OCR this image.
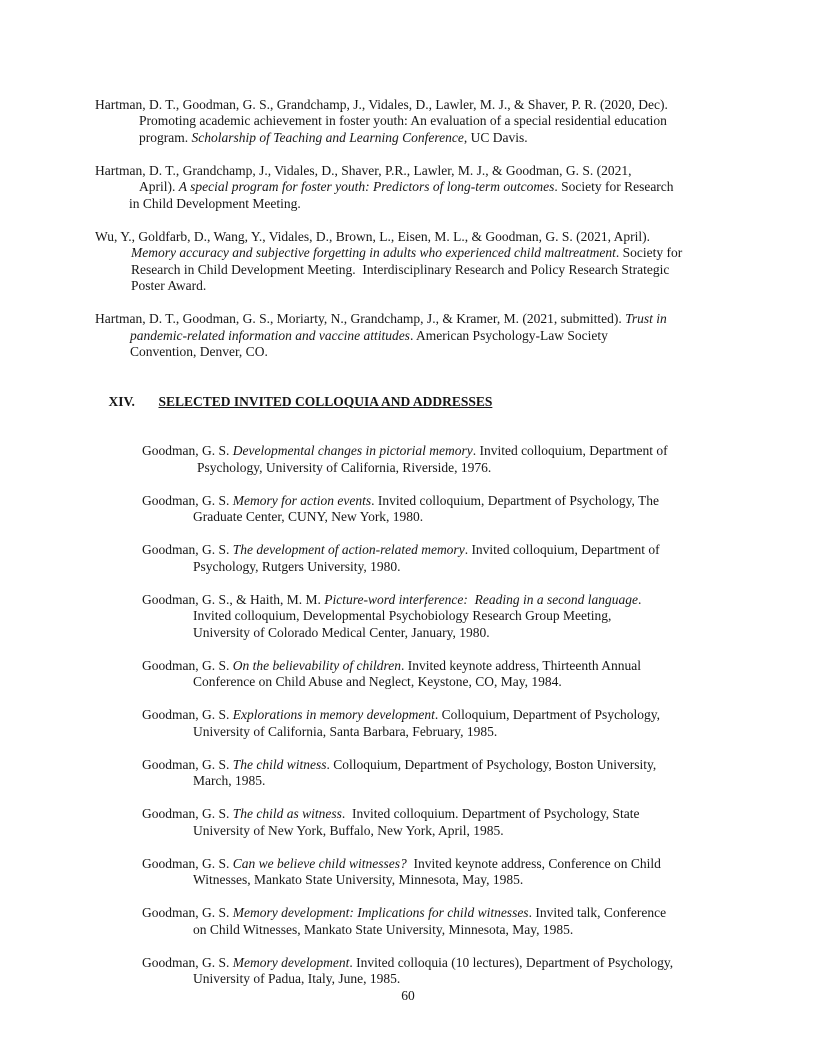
Hartman, D. T., Goodman, G. S., Grandchamp, J., Vidales, D., Lawler, M. J., & Shaver, P. R. (2020, Dec).
Promoting academic achievement in foster youth: An evaluation of a special residential education
program. Scholarship of Teaching and Learning Conference, UC Davis.
Hartman, D. T., Grandchamp, J., Vidales, D., Shaver, P.R., Lawler, M. J., & Goodman, G. S. (2021,
April). A special program for foster youth: Predictors of long-term outcomes. Society for Research
in Child Development Meeting.
Wu, Y., Goldfarb, D., Wang, Y., Vidales, D., Brown, L., Eisen, M. L., & Goodman, G. S. (2021, April).
Memory accuracy and subjective forgetting in adults who experienced child maltreatment. Society for
Research in Child Development Meeting.  Interdisciplinary Research and Policy Research Strategic
Poster Award.
Hartman, D. T., Goodman, G. S., Moriarty, N., Grandchamp, J., & Kramer, M. (2021, submitted). Trust in
pandemic-related information and vaccine attitudes. American Psychology-Law Society
Convention, Denver, CO.

XIV. SELECTED INVITED COLLOQUIA AND ADDRESSES

Goodman, G. S. Developmental changes in pictorial memory. Invited colloquium, Department of
Psychology, University of California, Riverside, 1976.
Goodman, G. S. Memory for action events. Invited colloquium, Department of Psychology, The
Graduate Center, CUNY, New York, 1980.
Goodman, G. S. The development of action-related memory. Invited colloquium, Department of
Psychology, Rutgers University, 1980.
Goodman, G. S., & Haith, M. M. Picture-word interference:  Reading in a second language.
Invited colloquium, Developmental Psychobiology Research Group Meeting,
University of Colorado Medical Center, January, 1980.
Goodman, G. S. On the believability of children. Invited keynote address, Thirteenth Annual
Conference on Child Abuse and Neglect, Keystone, CO, May, 1984.
Goodman, G. S. Explorations in memory development. Colloquium, Department of Psychology,
University of California, Santa Barbara, February, 1985.
Goodman, G. S. The child witness. Colloquium, Department of Psychology, Boston University,
March, 1985.
Goodman, G. S. The child as witness.  Invited colloquium. Department of Psychology, State
University of New York, Buffalo, New York, April, 1985.
Goodman, G. S. Can we believe child witnesses?  Invited keynote address, Conference on Child
Witnesses, Mankato State University, Minnesota, May, 1985.
Goodman, G. S. Memory development: Implications for child witnesses. Invited talk, Conference
on Child Witnesses, Mankato State University, Minnesota, May, 1985.
Goodman, G. S. Memory development. Invited colloquia (10 lectures), Department of Psychology,
University of Padua, Italy, June, 1985.
60
